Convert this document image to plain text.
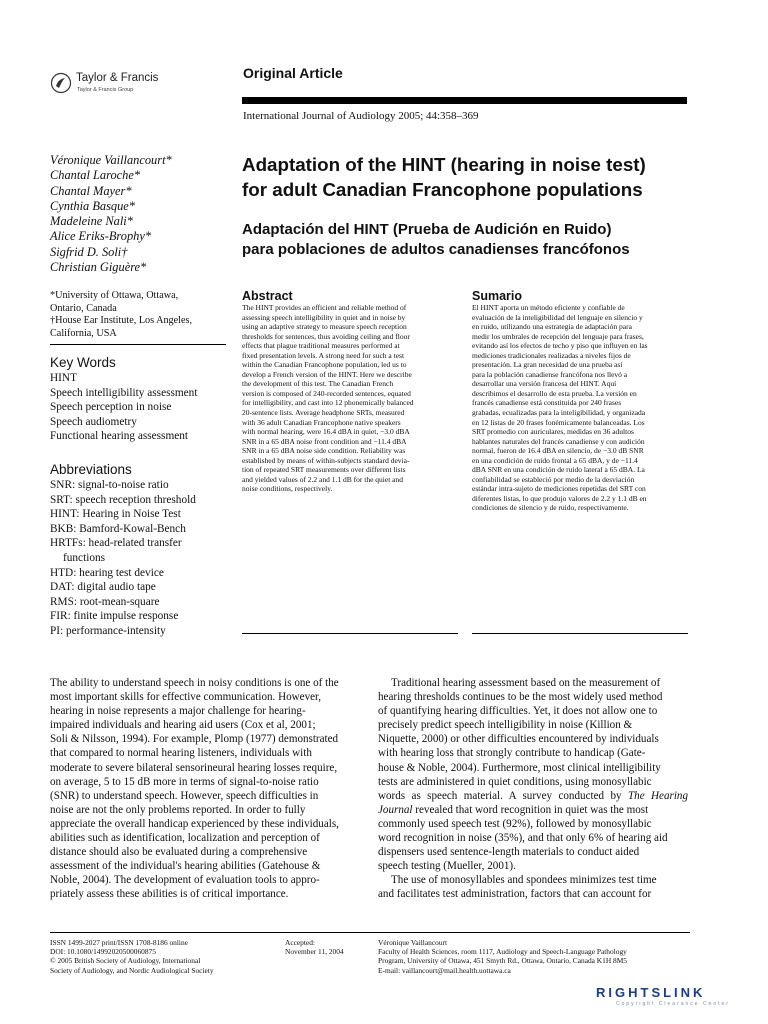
Taylor & Francis
Taylor & Francis Group
Original Article
International Journal of Audiology 2005; 44:358–369
Véronique Vaillancourt*
Chantal Laroche*
Chantal Mayer*
Cynthia Basque*
Madeleine Nali*
Alice Eriks-Brophy*
Sigfrid D. Soli†
Christian Giguère*
*University of Ottawa, Ottawa,
Ontario, Canada
†House Ear Institute, Los Angeles,
California, USA
Key Words
HINT
Speech intelligibility assessment
Speech perception in noise
Speech audiometry
Functional hearing assessment
Abbreviations
SNR: signal-to-noise ratio
SRT: speech reception threshold
HINT: Hearing in Noise Test
BKB: Bamford-Kowal-Bench
HRTFs: head-related transfer
functions
HTD: hearing test device
DAT: digital audio tape
RMS: root-mean-square
FIR: finite impulse response
PI: performance-intensity
Adaptation of the HINT (hearing in noise test)
for adult Canadian Francophone populations
Adaptación del HINT (Prueba de Audición en Ruido)
para poblaciones de adultos canadienses francófonos
Abstract
The HINT provides an efficient and reliable method of
assessing speech intelligibility in quiet and in noise by
using an adaptive strategy to measure speech reception
thresholds for sentences, thus avoiding ceiling and floor
effects that plague traditional measures performed at
fixed presentation levels. A strong need for such a test
within the Canadian Francophone population, led us to
develop a French version of the HINT. Here we describe
the development of this test. The Canadian French
version is composed of 240-recorded sentences, equated
for intelligibility, and cast into 12 phonemically balanced
20-sentence lists. Average headphone SRTs, measured
with 36 adult Canadian Francophone native speakers
with normal hearing, were 16.4 dBA in quiet, −3.0 dBA
SNR in a 65 dBA noise front condition and −11.4 dBA
SNR in a 65 dBA noise side condition. Reliability was
established by means of within-subjects standard devia-
tion of repeated SRT measurements over different lists
and yielded values of 2.2 and 1.1 dB for the quiet and
noise conditions, respectively.
Sumario
El HINT aporta un método eficiente y confiable de
evaluación de la inteligibilidad del lenguaje en silencio y
en ruido, utilizando una estrategia de adaptación para
medir los umbrales de recepción del lenguaje para frases,
evitando así los efectos de techo y piso que influyen en las
mediciones tradicionales realizadas a niveles fijos de
presentación. La gran necesidad de una prueba así
para la población canadiense francófona nos llevó a
desarrollar una versión francesa del HINT. Aquí
describimos el desarrollo de esta prueba. La versión en
francés canadiense está constituida por 240 frases
grabadas, ecualizadas para la inteligibilidad, y organizada
en 12 listas de 20 frases fonémicamente balanceadas. Los
SRT promedio con auriculares, medidas en 36 adultos
hablantes naturales del francés canadiense y con audición
normal, fueron de 16.4 dBA en silencio, de −3.0 dB SNR
en una condición de ruido frontal a 65 dBA, y de −11.4
dBA SNR en una condición de ruido lateral a 65 dBA. La
confiabilidad se estableció por medio de la desviación
estándar intra-sujeto de mediciones repetidas del SRT con
diferentes listas, lo que produjo valores de 2.2 y 1.1 dB en
condiciones de silencio y de ruido, respectivamente.
The ability to understand speech in noisy conditions is one of the
most important skills for effective communication. However,
hearing in noise represents a major challenge for hearing-
impaired individuals and hearing aid users (Cox et al, 2001;
Soli & Nilsson, 1994). For example, Plomp (1977) demonstrated
that compared to normal hearing listeners, individuals with
moderate to severe bilateral sensorineural hearing losses require,
on average, 5 to 15 dB more in terms of signal-to-noise ratio
(SNR) to understand speech. However, speech difficulties in
noise are not the only problems reported. In order to fully
appreciate the overall handicap experienced by these individuals,
abilities such as identification, localization and perception of
distance should also be evaluated during a comprehensive
assessment of the individual's hearing abilities (Gatehouse &
Noble, 2004). The development of evaluation tools to appro-
priately assess these abilities is of critical importance.
Traditional hearing assessment based on the measurement of
hearing thresholds continues to be the most widely used method
of quantifying hearing difficulties. Yet, it does not allow one to
precisely predict speech intelligibility in noise (Killion &
Niquette, 2000) or other difficulties encountered by individuals
with hearing loss that strongly contribute to handicap (Gate-
house & Noble, 2004). Furthermore, most clinical intelligibility
tests are administered in quiet conditions, using monosyllabic
words as speech material. A survey conducted by The Hearing
Journal revealed that word recognition in quiet was the most
commonly used speech test (92%), followed by monosyllabic
word recognition in noise (35%), and that only 6% of hearing aid
dispensers used sentence-length materials to conduct aided
speech testing (Mueller, 2001).
The use of monosyllables and spondees minimizes test time
and facilitates test administration, factors that can account for
ISSN 1499-2027 print/ISSN 1708-8186 online
DOI: 10.1080/14992020500060875
© 2005 British Society of Audiology, International
Society of Audiology, and Nordic Audiological Society
Accepted:
November 11, 2004
Véronique Vaillancourt
Faculty of Health Sciences, room 1117, Audiology and Speech-Language Pathology
Program, University of Ottawa, 451 Smyth Rd., Ottawa, Ontario, Canada K1H 8M5
E-mail: vaillancourt@mail.health.uottawa.ca
RIGHTSLINK
Copyright Clearance Center
